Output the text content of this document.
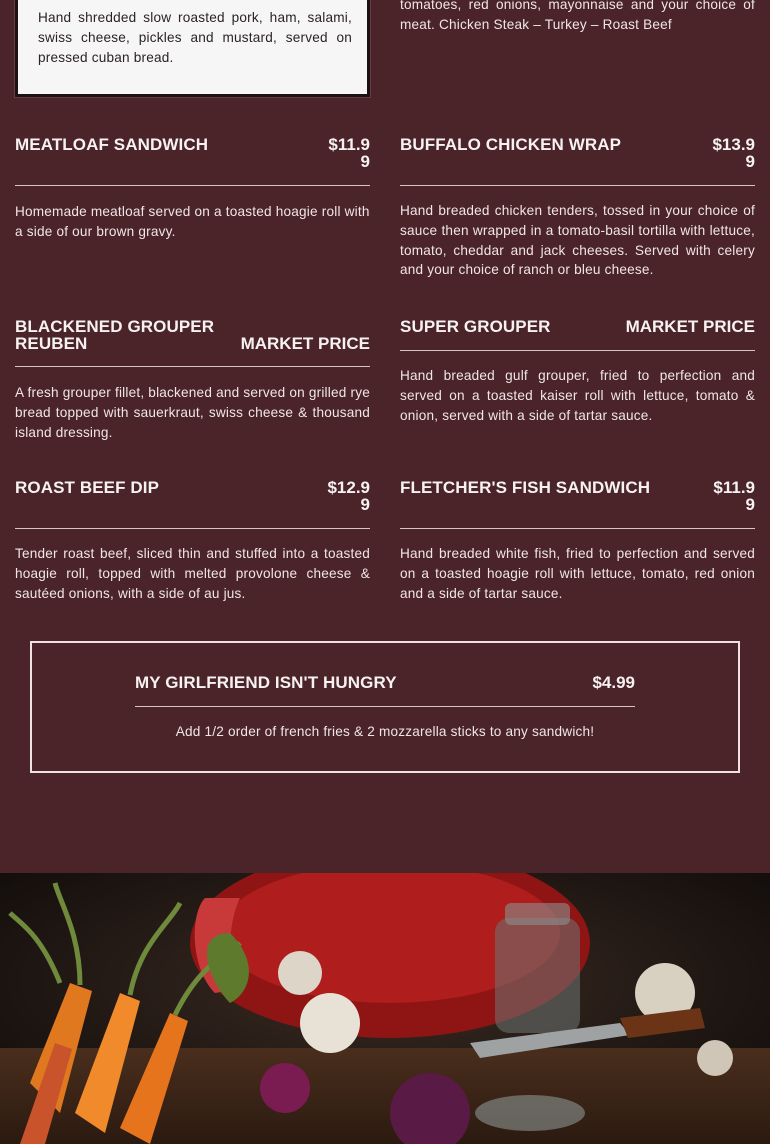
Hand shredded slow roasted pork, ham, salami, swiss cheese, pickles and mustard, served on pressed cuban bread.
tomatoes, red onions, mayonnaise and your choice of meat. Chicken Steak – Turkey – Roast Beef
MEATLOAF SANDWICH	$11.99
Homemade meatloaf served on a toasted hoagie roll with a side of our brown gravy.
BUFFALO CHICKEN WRAP	$13.99
Hand breaded chicken tenders, tossed in your choice of sauce then wrapped in a tomato-basil tortilla with lettuce, tomato, cheddar and jack cheeses. Served with celery and your choice of ranch or bleu cheese.
BLACKENED GROUPER REUBEN	MARKET PRICE
A fresh grouper fillet, blackened and served on grilled rye bread topped with sauerkraut, swiss cheese & thousand island dressing.
SUPER GROUPER	MARKET PRICE
Hand breaded gulf grouper, fried to perfection and served on a toasted kaiser roll with lettuce, tomato & onion, served with a side of tartar sauce.
ROAST BEEF DIP	$12.99
Tender roast beef, sliced thin and stuffed into a toasted hoagie roll, topped with melted provolone cheese & sautéed onions, with a side of au jus.
FLETCHER'S FISH SANDWICH	$11.99
Hand breaded white fish, fried to perfection and served on a toasted hoagie roll with lettuce, tomato, red onion and a side of tartar sauce.
MY GIRLFRIEND ISN'T HUNGRY	$4.99
Add 1/2 order of french fries & 2 mozzarella sticks to any sandwich!
